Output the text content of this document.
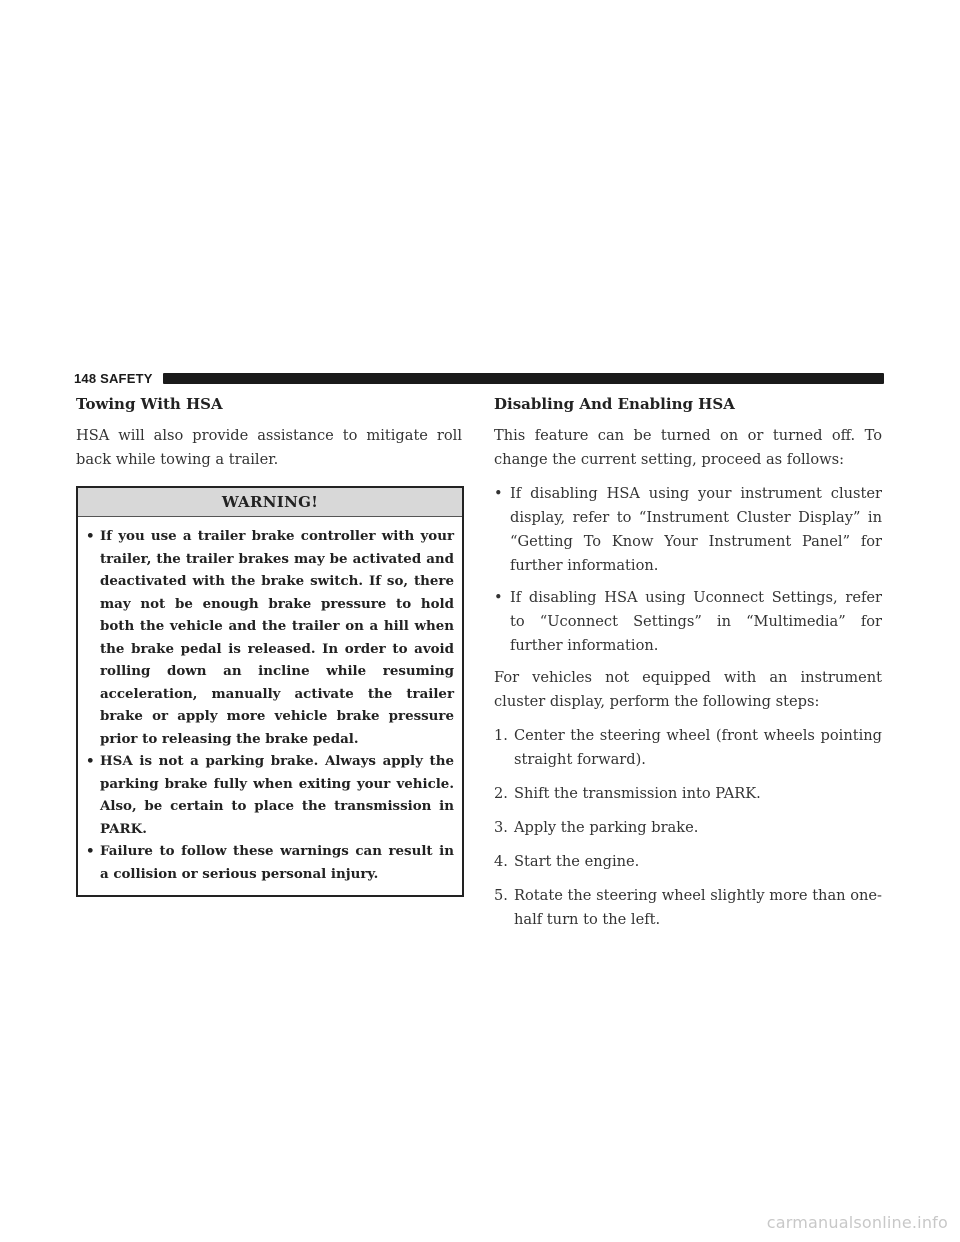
148 SAFETY
Towing With HSA

HSA will also provide assistance to mitigate roll back while towing a trailer.

WARNING!
• If you use a trailer brake controller with your trailer, the trailer brakes may be activated and deactivated with the brake switch. If so, there may not be enough brake pressure to hold both the vehicle and the trailer on a hill when the brake pedal is released. In order to avoid rolling down an incline while resuming acceleration, manually activate the trailer brake or apply more vehicle brake pressure prior to releasing the brake pedal.
• HSA is not a parking brake. Always apply the parking brake fully when exiting your vehicle. Also, be certain to place the transmission in PARK.
• Failure to follow these warnings can result in a collision or serious personal injury.
Disabling And Enabling HSA

This feature can be turned on or turned off. To change the current setting, proceed as follows:

• If disabling HSA using your instrument cluster display, refer to “Instrument Cluster Display” in “Getting To Know Your Instrument Panel” for further information.
• If disabling HSA using Uconnect Settings, refer to “Uconnect Settings” in “Multimedia” for further information.

For vehicles not equipped with an instrument cluster display, perform the following steps:

1. Center the steering wheel (front wheels pointing straight forward).
2. Shift the transmission into PARK.
3. Apply the parking brake.
4. Start the engine.
5. Rotate the steering wheel slightly more than one-half turn to the left.
carmanualsonline.info
